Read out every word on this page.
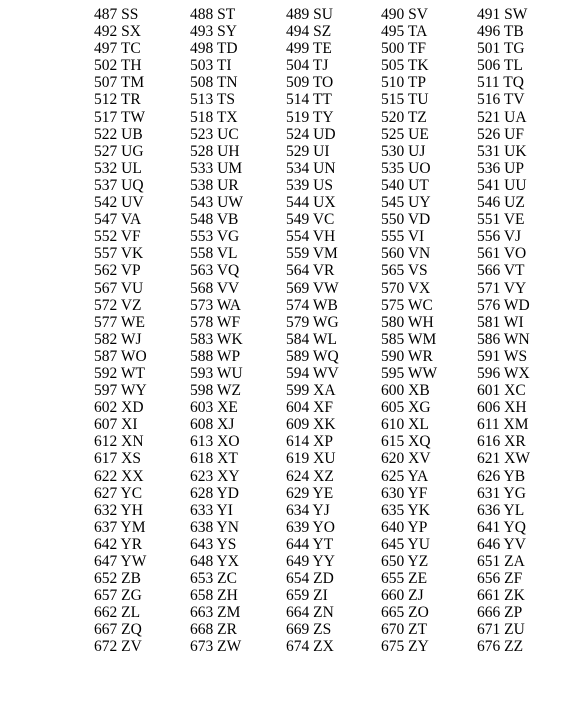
487 SS	488 ST	489 SU	490 SV	491 SW
492 SX	493 SY	494 SZ	495 TA	496 TB
497 TC	498 TD	499 TE	500 TF	501 TG
502 TH	503 TI	504 TJ	505 TK	506 TL
507 TM	508 TN	509 TO	510 TP	511 TQ
512 TR	513 TS	514 TT	515 TU	516 TV
517 TW	518 TX	519 TY	520 TZ	521 UA
522 UB	523 UC	524 UD	525 UE	526 UF
527 UG	528 UH	529 UI	530 UJ	531 UK
532 UL	533 UM	534 UN	535 UO	536 UP
537 UQ	538 UR	539 US	540 UT	541 UU
542 UV	543 UW	544 UX	545 UY	546 UZ
547 VA	548 VB	549 VC	550 VD	551 VE
552 VF	553 VG	554 VH	555 VI	556 VJ
557 VK	558 VL	559 VM	560 VN	561 VO
562 VP	563 VQ	564 VR	565 VS	566 VT
567 VU	568 VV	569 VW	570 VX	571 VY
572 VZ	573 WA	574 WB	575 WC	576 WD
577 WE	578 WF	579 WG	580 WH	581 WI
582 WJ	583 WK	584 WL	585 WM	586 WN
587 WO	588 WP	589 WQ	590 WR	591 WS
592 WT	593 WU	594 WV	595 WW	596 WX
597 WY	598 WZ	599 XA	600 XB	601 XC
602 XD	603 XE	604 XF	605 XG	606 XH
607 XI	608 XJ	609 XK	610 XL	611 XM
612 XN	613 XO	614 XP	615 XQ	616 XR
617 XS	618 XT	619 XU	620 XV	621 XW
622 XX	623 XY	624 XZ	625 YA	626 YB
627 YC	628 YD	629 YE	630 YF	631 YG
632 YH	633 YI	634 YJ	635 YK	636 YL
637 YM	638 YN	639 YO	640 YP	641 YQ
642 YR	643 YS	644 YT	645 YU	646 YV
647 YW	648 YX	649 YY	650 YZ	651 ZA
652 ZB	653 ZC	654 ZD	655 ZE	656 ZF
657 ZG	658 ZH	659 ZI	660 ZJ	661 ZK
662 ZL	663 ZM	664 ZN	665 ZO	666 ZP
667 ZQ	668 ZR	669 ZS	670 ZT	671 ZU
672 ZV	673 ZW	674 ZX	675 ZY	676 ZZ
